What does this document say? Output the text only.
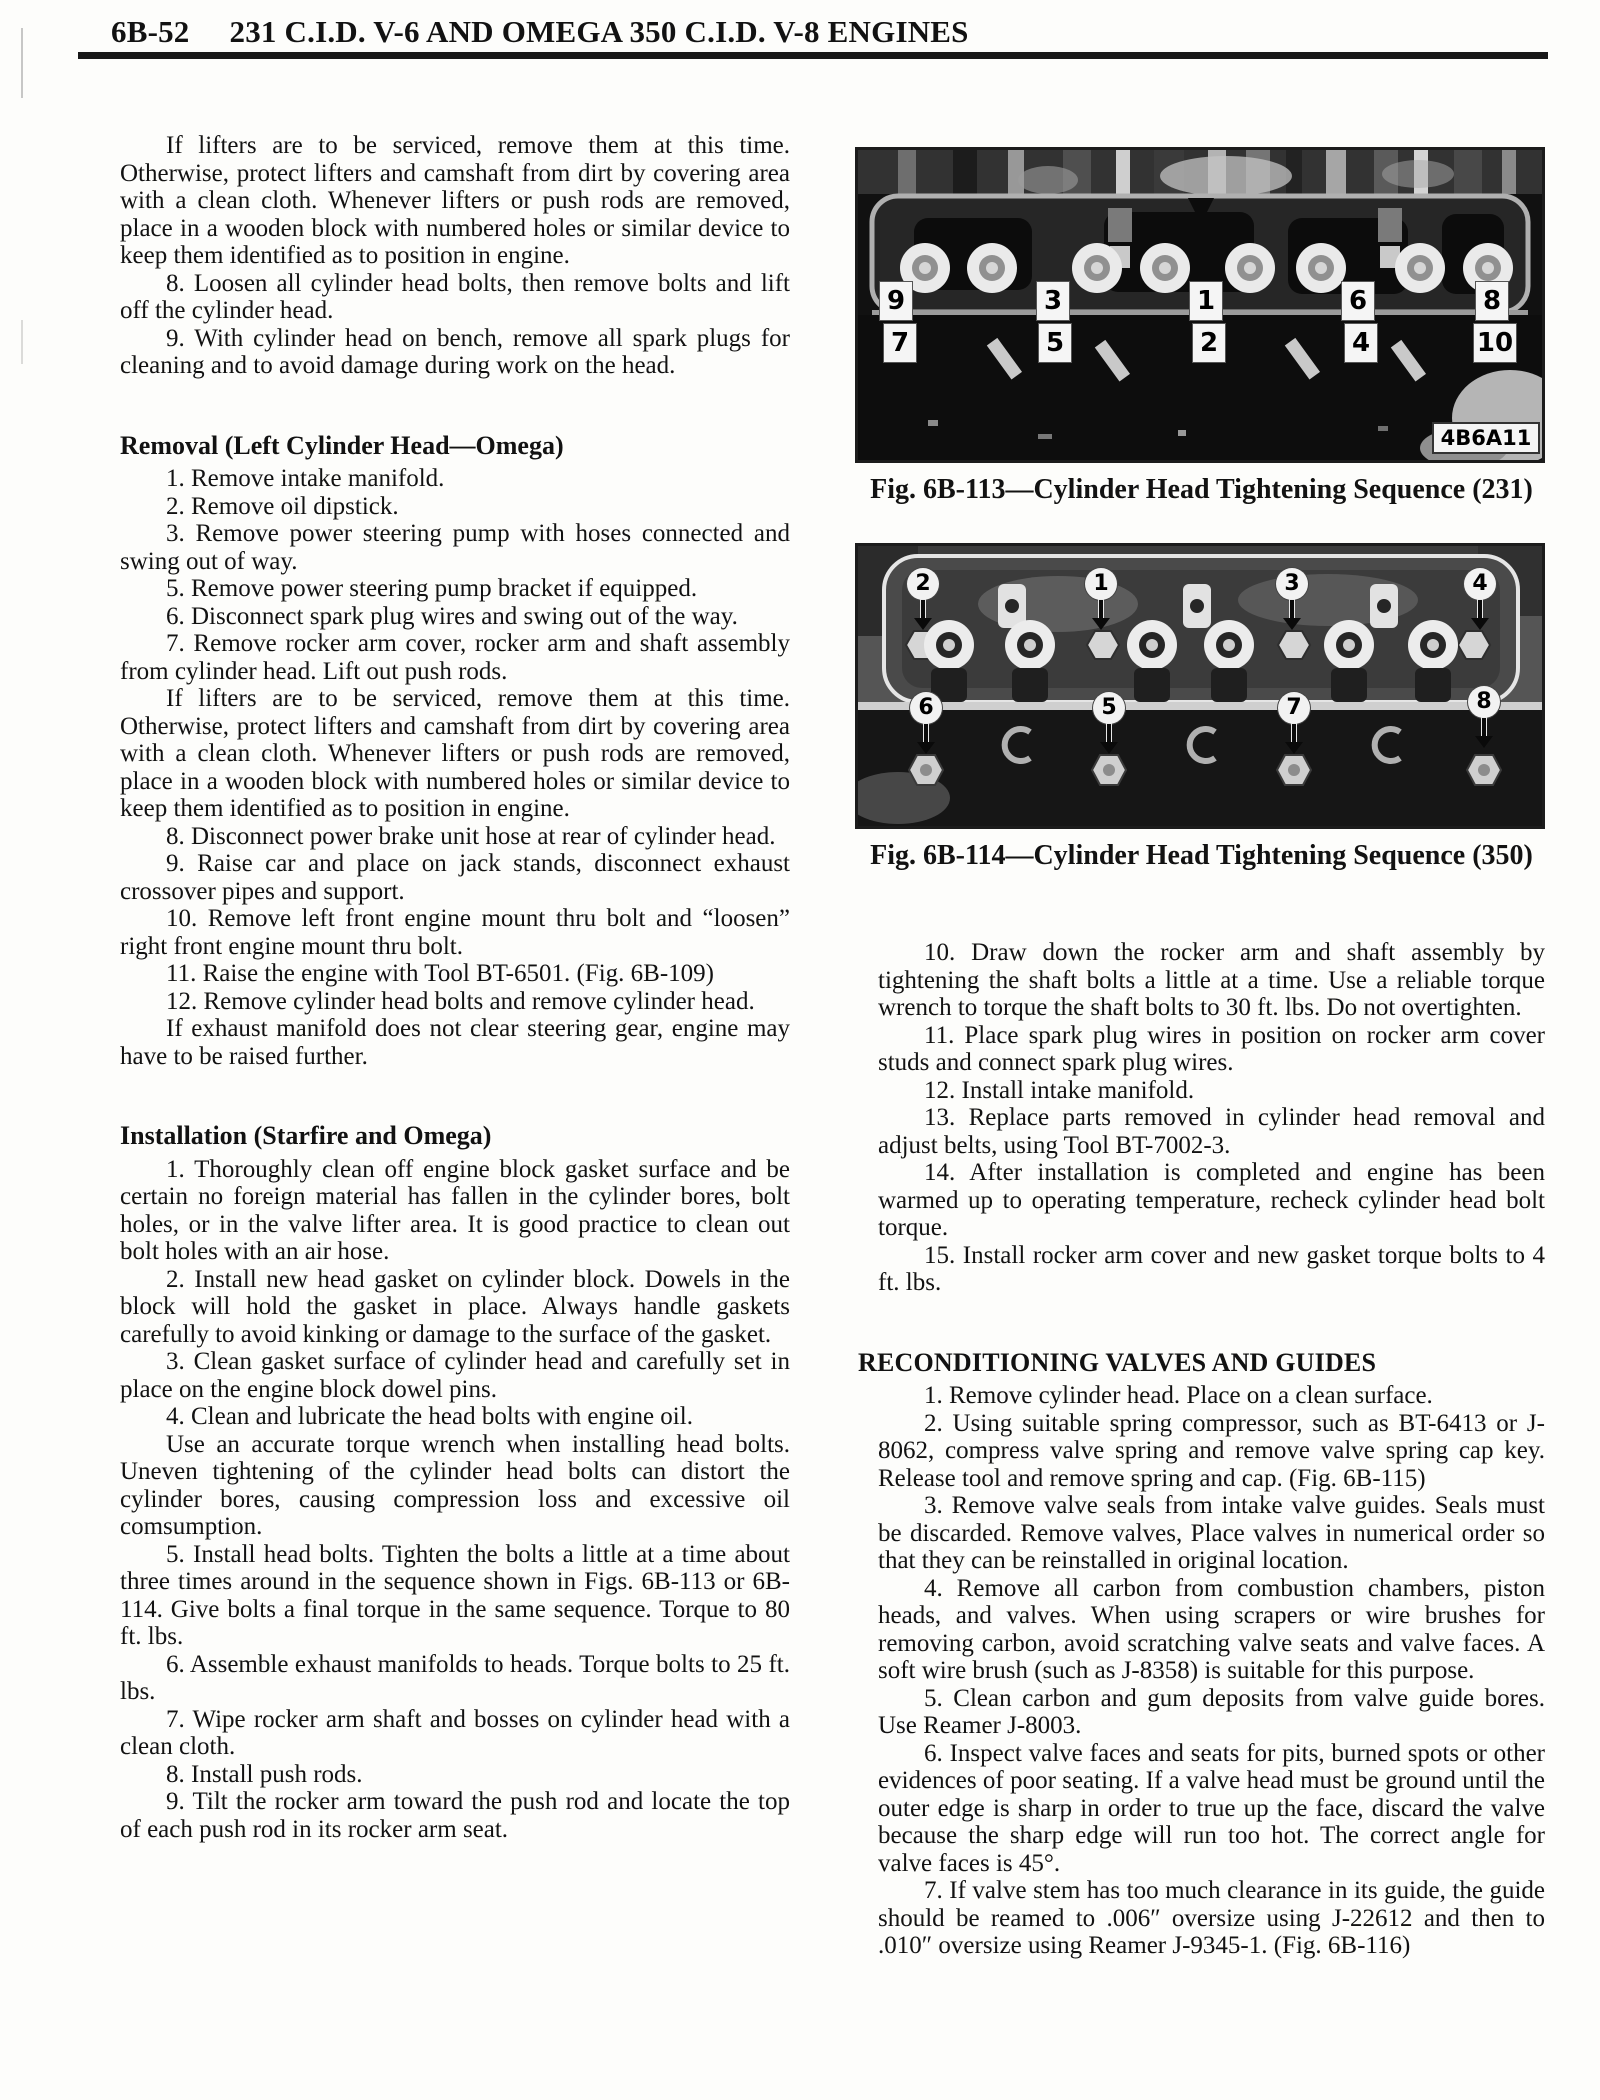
6B-52 231 C.I.D. V-6 AND OMEGA 350 C.I.D. V-8 ENGINES

If lifters are to be serviced, remove them at this time. Otherwise, protect lifters and camshaft from dirt by covering area with a clean cloth. Whenever lifters or push rods are removed, place in a wooden block with numbered holes or similar device to keep them identified as to position in engine.

8. Loosen all cylinder head bolts, then remove bolts and lift off the cylinder head.

9. With cylinder head on bench, remove all spark plugs for cleaning and to avoid damage during work on the head.

Removal (Left Cylinder Head—Omega)

1. Remove intake manifold.

2. Remove oil dipstick.

3. Remove power steering pump with hoses connected and swing out of way.

5. Remove power steering pump bracket if equipped.

6. Disconnect spark plug wires and swing out of the way.

7. Remove rocker arm cover, rocker arm and shaft assembly from cylinder head. Lift out push rods.

If lifters are to be serviced, remove them at this time. Otherwise, protect lifters and camshaft from dirt by covering area with a clean cloth. Whenever lifters or push rods are removed, place in a wooden block with numbered holes or similar device to keep them identified as to position in engine.

8. Disconnect power brake unit hose at rear of cylinder head.

9. Raise car and place on jack stands, disconnect exhaust crossover pipes and support.

10. Remove left front engine mount thru bolt and “loosen” right front engine mount thru bolt.

11. Raise the engine with Tool BT-6501. (Fig. 6B-109)

12. Remove cylinder head bolts and remove cylinder head.

If exhaust manifold does not clear steering gear, engine may have to be raised further.

Installation (Starfire and Omega)

1. Thoroughly clean off engine block gasket surface and be certain no foreign material has fallen in the cylinder bores, bolt holes, or in the valve lifter area. It is good practice to clean out bolt holes with an air hose.

2. Install new head gasket on cylinder block. Dowels in the block will hold the gasket in place. Always handle gaskets carefully to avoid kinking or damage to the surface of the gasket.

3. Clean gasket surface of cylinder head and carefully set in place on the engine block dowel pins.

4. Clean and lubricate the head bolts with engine oil.

Use an accurate torque wrench when installing head bolts. Uneven tightening of the cylinder head bolts can distort the cylinder bores, causing compression loss and excessive oil comsumption.

5. Install head bolts. Tighten the bolts a little at a time about three times around in the sequence shown in Figs. 6B-113 or 6B-114. Give bolts a final torque in the same sequence. Torque to 80 ft. lbs.

6. Assemble exhaust manifolds to heads. Torque bolts to 25 ft. lbs.

7. Wipe rocker arm shaft and bosses on cylinder head with a clean cloth.

8. Install push rods.

9. Tilt the rocker arm toward the push rod and locate the top of each push rod in its rocker arm seat.

9	3	1	6	8
7	5	2	4	10
4B6A11
Fig. 6B-113—Cylinder Head Tightening Sequence (231)
2	1	3	4
6	5	7	8
Fig. 6B-114—Cylinder Head Tightening Sequence (350)

10. Draw down the rocker arm and shaft assembly by tightening the shaft bolts a little at a time. Use a reliable torque wrench to torque the shaft bolts to 30 ft. lbs. Do not overtighten.

11. Place spark plug wires in position on rocker arm cover studs and connect spark plug wires.

12. Install intake manifold.

13. Replace parts removed in cylinder head removal and adjust belts, using Tool BT-7002-3.

14. After installation is completed and engine has been warmed up to operating temperature, recheck cylinder head bolt torque.

15. Install rocker arm cover and new gasket torque bolts to 4 ft. lbs.

RECONDITIONING VALVES AND GUIDES

1. Remove cylinder head. Place on a clean surface.

2. Using suitable spring compressor, such as BT-6413 or J-8062, compress valve spring and remove valve spring cap key. Release tool and remove spring and cap. (Fig. 6B-115)

3. Remove valve seals from intake valve guides. Seals must be discarded. Remove valves, Place valves in numerical order so that they can be reinstalled in original location.

4. Remove all carbon from combustion chambers, piston heads, and valves. When using scrapers or wire brushes for removing carbon, avoid scratching valve seats and valve faces. A soft wire brush (such as J-8358) is suitable for this purpose.

5. Clean carbon and gum deposits from valve guide bores. Use Reamer J-8003.

6. Inspect valve faces and seats for pits, burned spots or other evidences of poor seating. If a valve head must be ground until the outer edge is sharp in order to true up the face, discard the valve because the sharp edge will run too hot. The correct angle for valve faces is 45°.

7. If valve stem has too much clearance in its guide, the guide should be reamed to .006″ oversize using J-22612 and then to .010″ oversize using Reamer J-9345-1. (Fig. 6B-116)
